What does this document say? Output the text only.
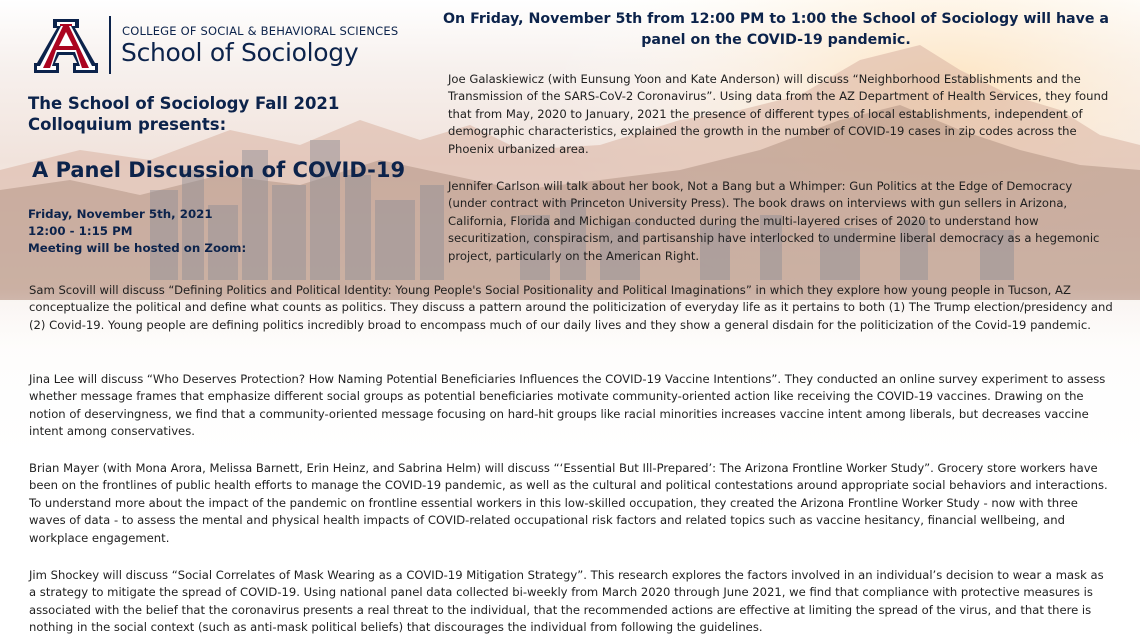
COLLEGE OF SOCIAL & BEHAVIORAL SCIENCES
School of Sociology
The School of Sociology Fall 2021 Colloquium presents:
A Panel Discussion of COVID-19
Friday, November 5th, 2021
12:00 - 1:15 PM
Meeting will be hosted on Zoom:
On Friday, November 5th from 12:00 PM to 1:00 the School of Sociology will have a panel on the COVID-19 pandemic.
Joe Galaskiewicz (with Eunsung Yoon and Kate Anderson) will discuss “Neighborhood Establishments and the Transmission of the SARS-CoV-2 Coronavirus”. Using data from the AZ Department of Health Services, they found that from May, 2020 to January, 2021 the presence of different types of local establishments, independent of demographic characteristics, explained the growth in the number of COVID-19 cases in zip codes across the Phoenix urbanized area.
Jennifer Carlson will talk about her book, Not a Bang but a Whimper: Gun Politics at the Edge of Democracy (under contract with Princeton University Press). The book draws on interviews with gun sellers in Arizona, California, Florida and Michigan conducted during the multi-layered crises of 2020 to understand how securitization, conspiracism, and partisanship have interlocked to undermine liberal democracy as a hegemonic project, particularly on the American Right.
Sam Scovill will discuss “Defining Politics and Political Identity: Young People's Social Positionality and Political Imaginations” in which they explore how young people in Tucson, AZ conceptualize the political and define what counts as politics. They discuss a pattern around the politicization of everyday life as it pertains to both (1) The Trump election/presidency and (2) Covid-19. Young people are defining politics incredibly broad to encompass much of our daily lives and they show a general disdain for the politicization of the Covid-19 pandemic.
Jina Lee will discuss “Who Deserves Protection? How Naming Potential Beneficiaries Influences the COVID-19 Vaccine Intentions”. They conducted an online survey experiment to assess whether message frames that emphasize different social groups as potential beneficiaries motivate community-oriented action like receiving the COVID-19 vaccines. Drawing on the notion of deservingness, we find that a community-oriented message focusing on hard-hit groups like racial minorities increases vaccine intent among liberals, but decreases vaccine intent among conservatives.
Brian Mayer (with Mona Arora, Melissa Barnett, Erin Heinz, and Sabrina Helm) will discuss “‘Essential But Ill-Prepared’: The Arizona Frontline Worker Study”. Grocery store workers have been on the frontlines of public health efforts to manage the COVID-19 pandemic, as well as the cultural and political contestations around appropriate social behaviors and interactions. To understand more about the impact of the pandemic on frontline essential workers in this low-skilled occupation, they created the Arizona Frontline Worker Study - now with three waves of data - to assess the mental and physical health impacts of COVID-related occupational risk factors and related topics such as vaccine hesitancy, financial wellbeing, and workplace engagement.
Jim Shockey will discuss “Social Correlates of Mask Wearing as a COVID-19 Mitigation Strategy”. This research explores the factors involved in an individual’s decision to wear a mask as a strategy to mitigate the spread of COVID-19. Using national panel data collected bi-weekly from March 2020 through June 2021, we find that compliance with protective measures is associated with the belief that the coronavirus presents a real threat to the individual, that the recommended actions are effective at limiting the spread of the virus, and that there is nothing in the social context (such as anti-mask political beliefs) that discourages the individual from following the guidelines.
